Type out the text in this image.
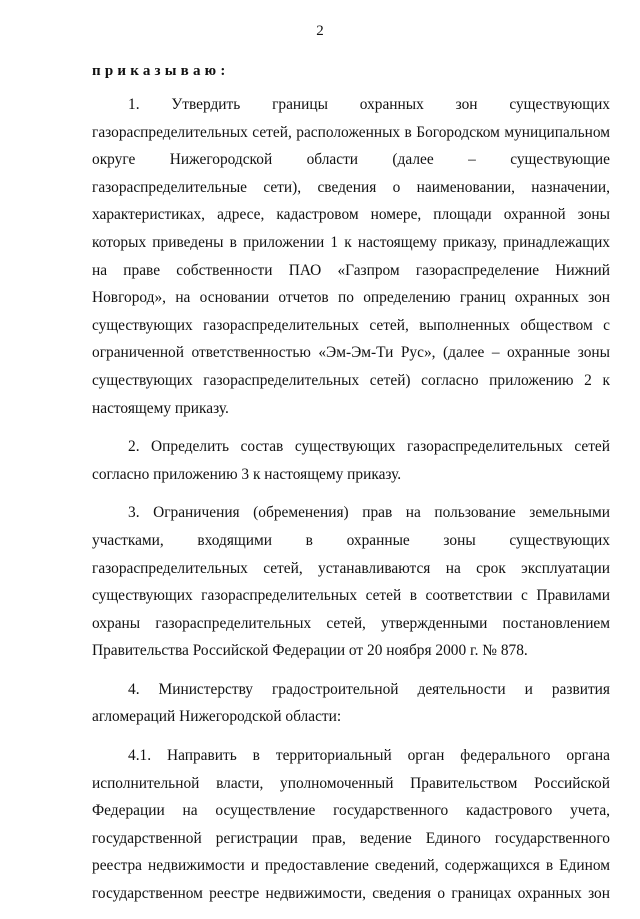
2
приказываю:
1. Утвердить границы охранных зон существующих
газораспределительных сетей, расположенных в Богородском муниципальном
округе Нижегородской области (далее – существующие
газораспределительные сети), сведения о наименовании, назначении,
характеристиках, адресе, кадастровом номере, площади охранной зоны
которых приведены в приложении 1 к настоящему приказу, принадлежащих
на праве собственности ПАО «Газпром газораспределение Нижний
Новгород», на основании отчетов по определению границ охранных зон
существующих газораспределительных сетей, выполненных обществом с
ограниченной ответственностью «Эм-Эм-Ти Рус», (далее – охранные зоны
существующих газораспределительных сетей) согласно приложению 2 к
настоящему приказу.
2. Определить состав существующих газораспределительных сетей
согласно приложению 3 к настоящему приказу.
3. Ограничения (обременения) прав на пользование земельными
участками, входящими в охранные зоны существующих
газораспределительных сетей, устанавливаются на срок эксплуатации
существующих газораспределительных сетей в соответствии с Правилами
охраны газораспределительных сетей, утвержденными постановлением
Правительства Российской Федерации от 20 ноября 2000 г. № 878.
4. Министерству градостроительной деятельности и развития
агломераций Нижегородской области:
4.1. Направить в территориальный орган федерального органа
исполнительной власти, уполномоченный Правительством Российской
Федерации на осуществление государственного кадастрового учета,
государственной регистрации прав, ведение Единого государственного
реестра недвижимости и предоставление сведений, содержащихся в Едином
государственном реестре недвижимости, сведения о границах охранных зон
